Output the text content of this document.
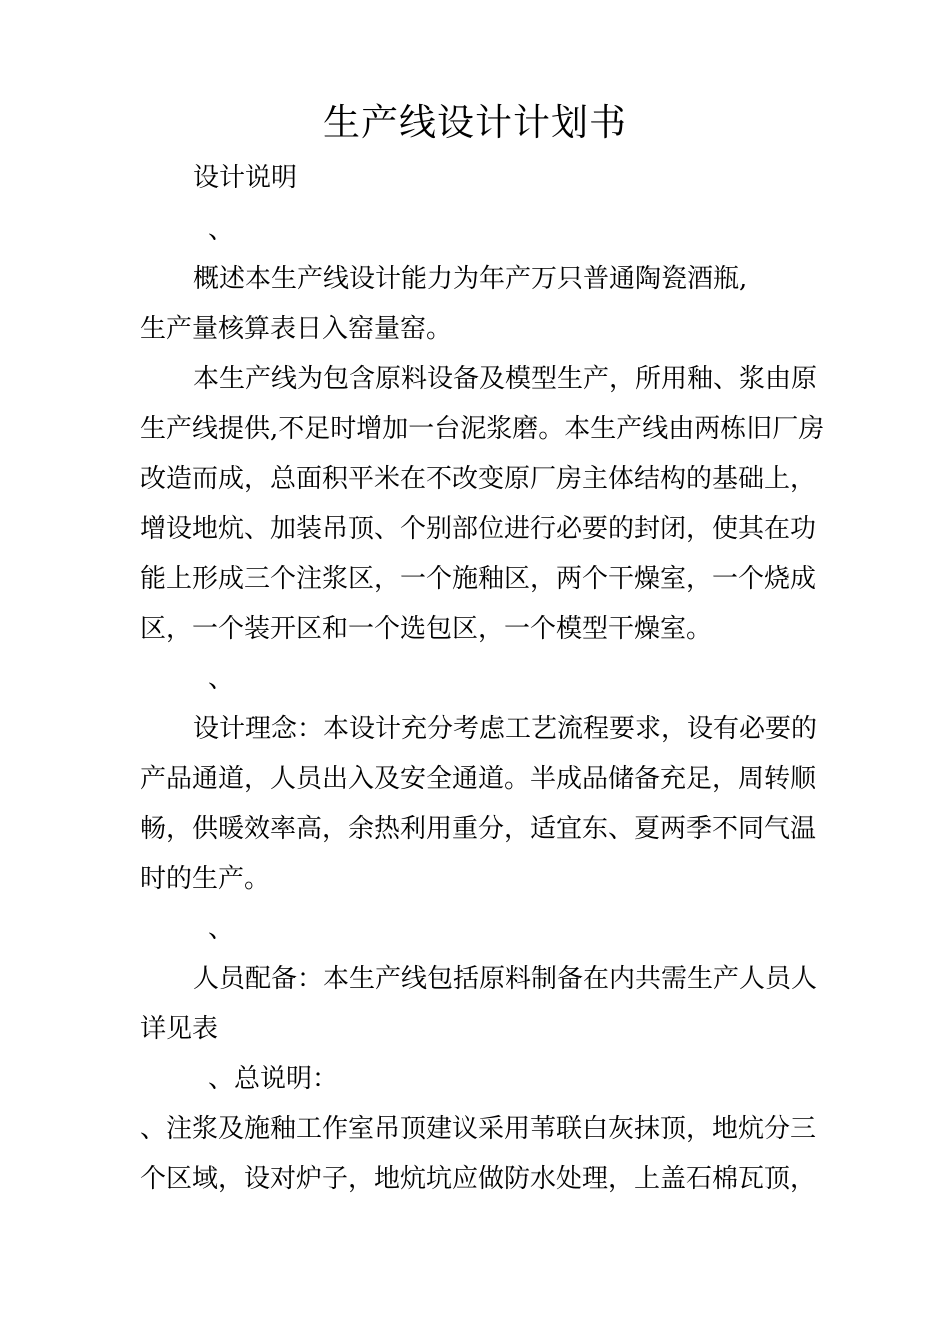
生产线设计计划书
设计说明
、
概述本生产线设计能力为年产万只普通陶瓷酒瓶,
生产量核算表日入窑量窑。
本生产线为包含原料设备及模型生产，所用釉、浆由原
生产线提供,不足时增加一台泥浆磨。本生产线由两栋旧厂房
改造而成，总面积平米在不改变原厂房主体结构的基础上，
增设地炕、加装吊顶、个别部位进行必要的封闭，使其在功
能上形成三个注浆区，一个施釉区，两个干燥室，一个烧成
区，一个装开区和一个选包区，一个模型干燥室。
、
设计理念：本设计充分考虑工艺流程要求，设有必要的
产品通道，人员出入及安全通道。半成品储备充足，周转顺
畅，供暖效率高，余热利用重分，适宜东、夏两季不同气温
时的生产。
、
人员配备：本生产线包括原料制备在内共需生产人员人
详见表
、总说明：
、注浆及施釉工作室吊顶建议采用苇联白灰抹顶，地炕分三
个区域，设对炉子，地炕坑应做防水处理，上盖石棉瓦顶，
